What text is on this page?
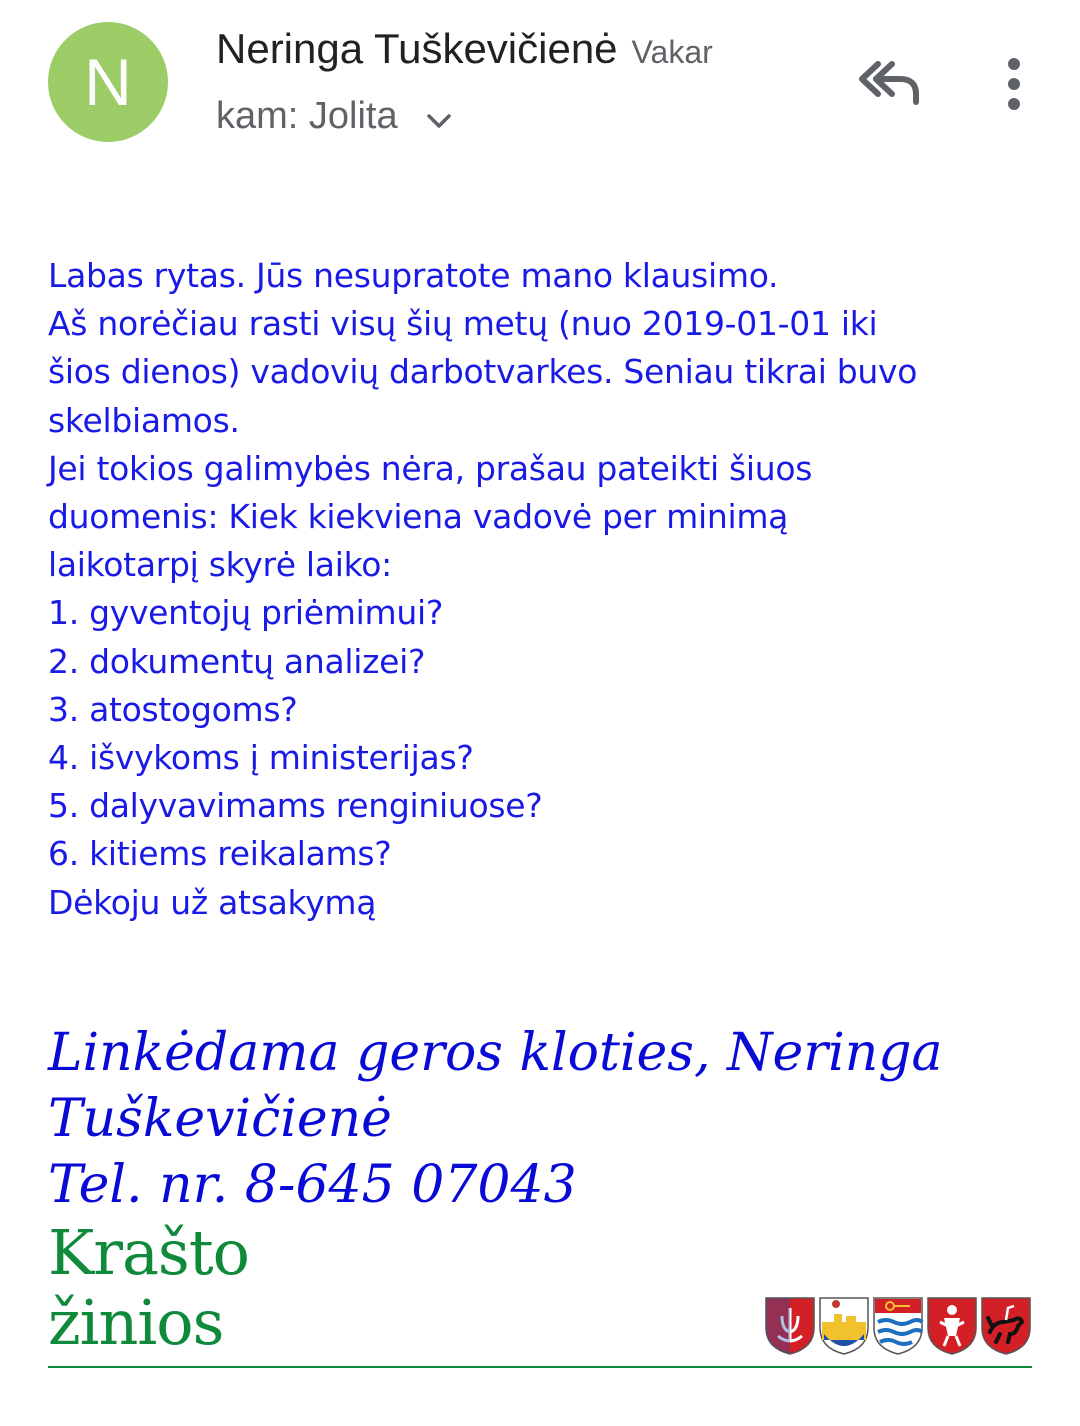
N	Neringa Tuškevičienė Vakar
kam: Jolita
Labas rytas. Jūs nesupratote mano klausimo.
Aš norėčiau rasti visų šių metų (nuo 2019-01-01 iki
šios dienos) vadovių darbotvarkes. Seniau tikrai buvo
skelbiamos.
Jei tokios galimybės nėra, prašau pateikti šiuos
duomenis: Kiek kiekviena vadovė per minimą
laikotarpį skyrė laiko:
1. gyventojų priėmimui?
2. dokumentų analizei?
3. atostogoms?
4. išvykoms į ministerijas?
5. dalyvavimams renginiuose?
6. kitiems reikalams?
Dėkoju už atsakymą
Linkėdama geros kloties, Neringa
Tuškevičienė
Tel. nr. 8-645 07043
Krašto
žinios
